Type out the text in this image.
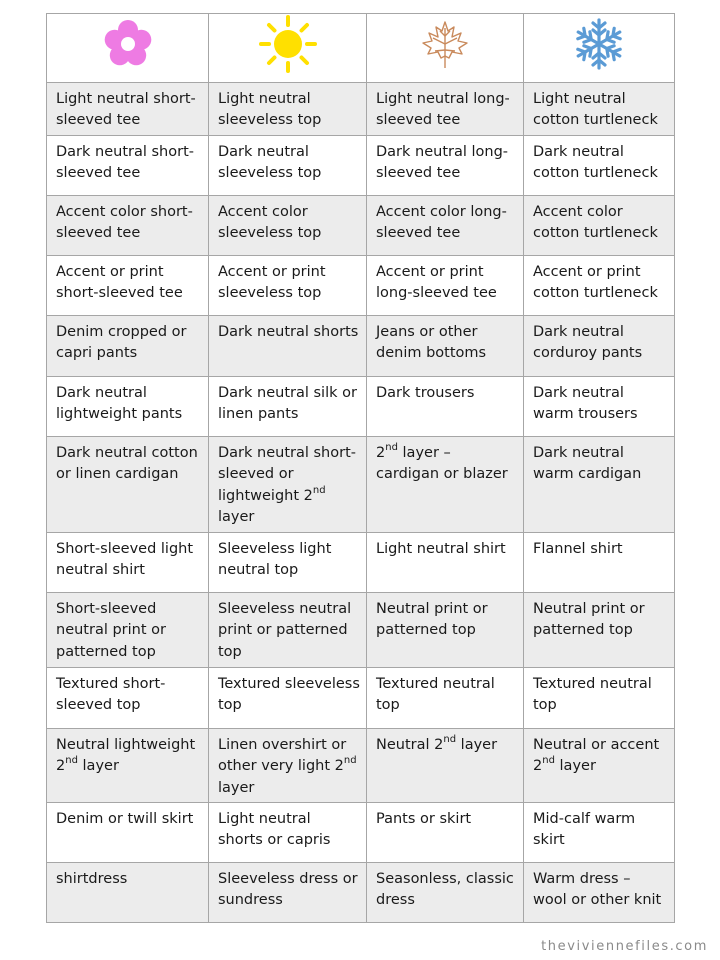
Light neutral short-sleeved tee	Light neutral sleeveless top	Light neutral long-sleeved tee	Light neutral cotton turtleneck
Dark neutral short-sleeved tee	Dark neutral sleeveless top	Dark neutral long-sleeved tee	Dark neutral cotton turtleneck
Accent color short-sleeved tee	Accent color sleeveless top	Accent color long-sleeved tee	Accent color cotton turtleneck
Accent or print short-sleeved tee	Accent or print sleeveless top	Accent or print long-sleeved tee	Accent or print cotton turtleneck
Denim cropped or capri pants	Dark neutral shorts	Jeans or other denim bottoms	Dark neutral corduroy pants
Dark neutral lightweight pants	Dark neutral silk or linen pants	Dark trousers	Dark neutral warm trousers
Dark neutral cotton or linen cardigan	Dark neutral short-sleeved or lightweight 2nd layer	2nd layer – cardigan or blazer	Dark neutral warm cardigan
Short-sleeved light neutral shirt	Sleeveless light neutral top	Light neutral shirt	Flannel shirt
Short-sleeved neutral print or patterned top	Sleeveless neutral print or patterned top	Neutral print or patterned top	Neutral print or patterned top
Textured short-sleeved top	Textured sleeveless top	Textured neutral top	Textured neutral top
Neutral lightweight 2nd layer	Linen overshirt or other very light 2nd layer	Neutral 2nd layer	Neutral or accent 2nd layer
Denim or twill skirt	Light neutral shorts or capris	Pants or skirt	Mid-calf warm skirt
shirtdress	Sleeveless dress or sundress	Seasonless, classic dress	Warm dress – wool or other knit
theviviennefiles.com
